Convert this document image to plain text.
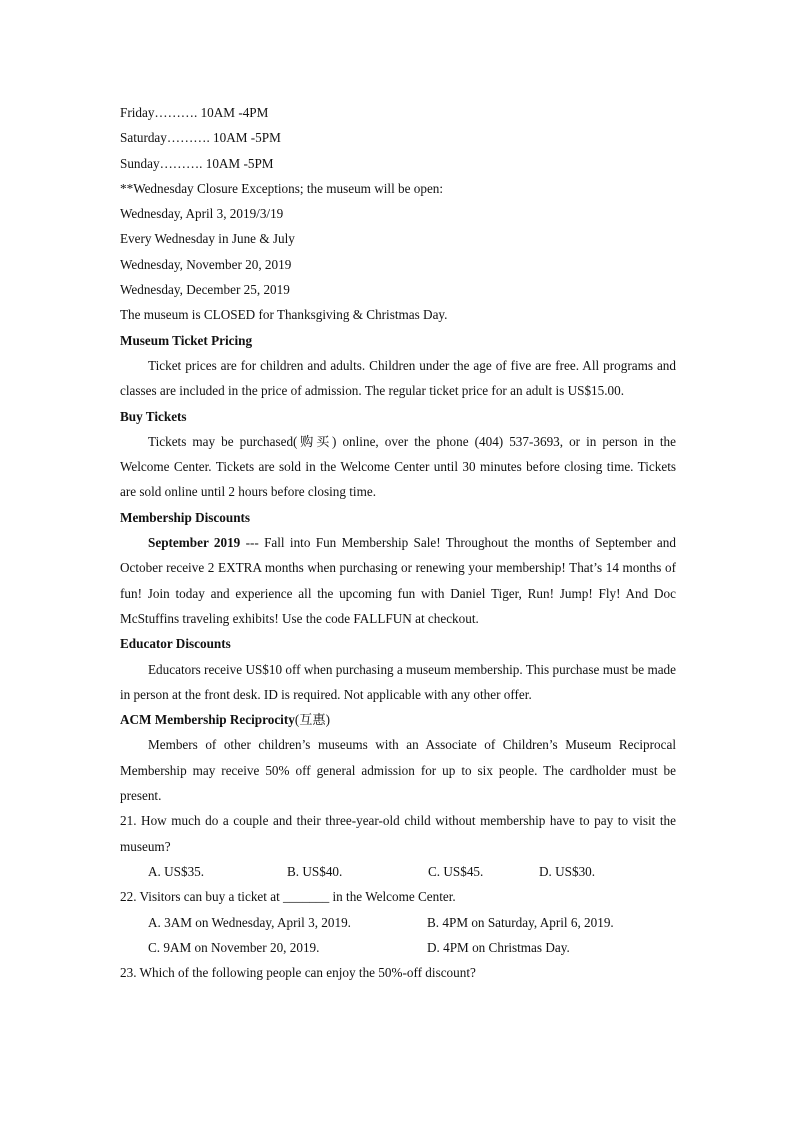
Friday………. 10AM -4PM
Saturday………. 10AM -5PM
Sunday………. 10AM -5PM
**Wednesday Closure Exceptions; the museum will be open:
Wednesday, April 3, 2019/3/19
Every Wednesday in June & July
Wednesday, November 20, 2019
Wednesday, December 25, 2019
The museum is CLOSED for Thanksgiving & Christmas Day.
Museum Ticket Pricing
Ticket prices are for children and adults. Children under the age of five are free. All programs and classes are included in the price of admission. The regular ticket price for an adult is US$15.00.
Buy Tickets
Tickets may be purchased(购买) online, over the phone (404) 537-3693, or in person in the Welcome Center. Tickets are sold in the Welcome Center until 30 minutes before closing time. Tickets are sold online until 2 hours before closing time.
Membership Discounts
September 2019 --- Fall into Fun Membership Sale! Throughout the months of September and October receive 2 EXTRA months when purchasing or renewing your membership! That’s 14 months of fun! Join today and experience all the upcoming fun with Daniel Tiger, Run! Jump! Fly! And Doc McStuffins traveling exhibits! Use the code FALLFUN at checkout.
Educator Discounts
Educators receive US$10 off when purchasing a museum membership. This purchase must be made in person at the front desk. ID is required. Not applicable with any other offer.
ACM Membership Reciprocity(互惠)
Members of other children’s museums with an Associate of Children’s Museum Reciprocal Membership may receive 50% off general admission for up to six people. The cardholder must be present.
21. How much do a couple and their three-year-old child without membership have to pay to visit the museum?
A. US$35.	B. US$40.	C. US$45.	D. US$30.
22. Visitors can buy a ticket at _______ in the Welcome Center.
A. 3AM on Wednesday, April 3, 2019.	B. 4PM on Saturday, April 6, 2019.
C. 9AM on November 20, 2019.	D. 4PM on Christmas Day.
23. Which of the following people can enjoy the 50%-off discount?
